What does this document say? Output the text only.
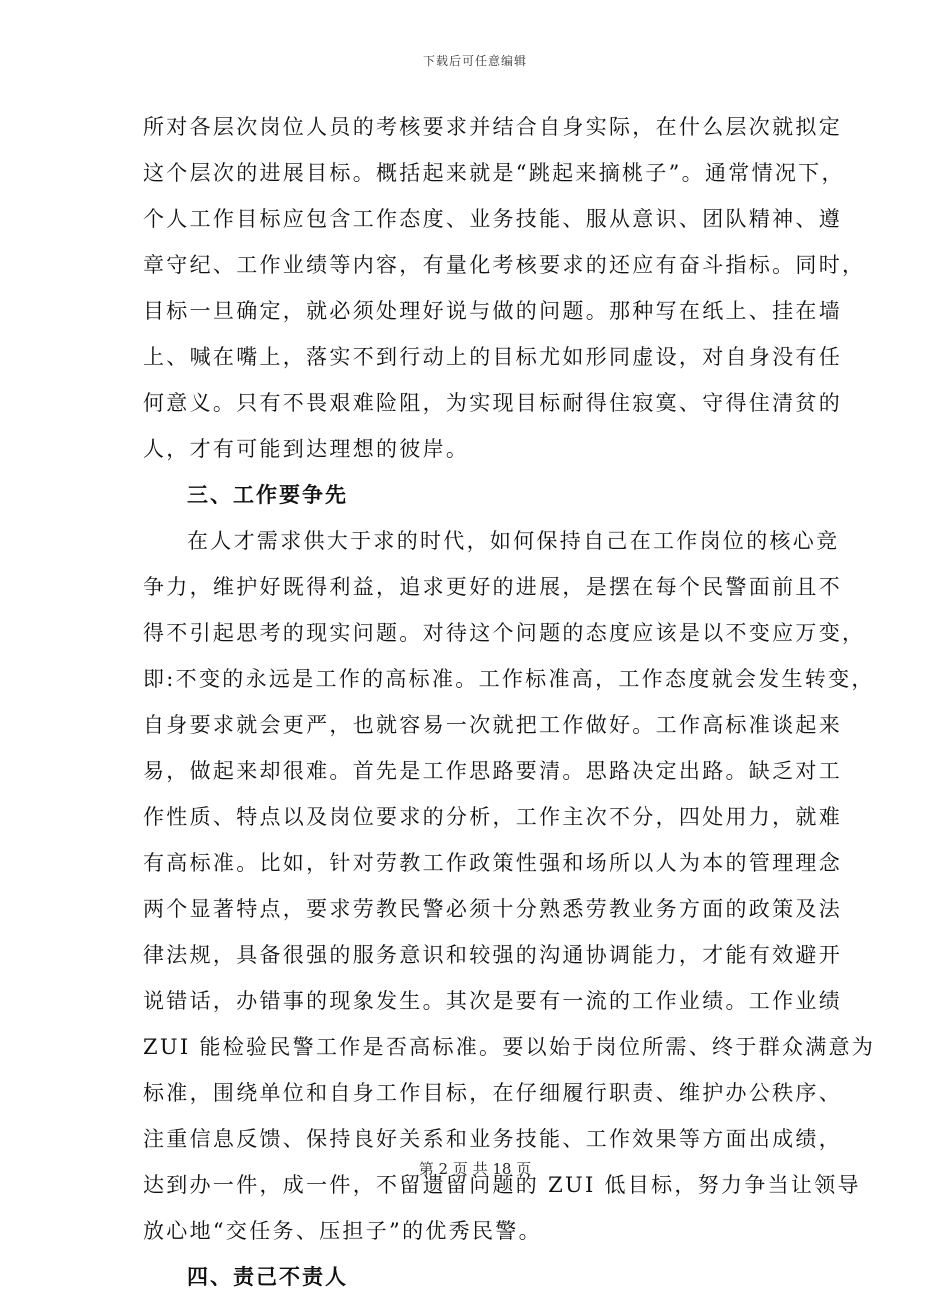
下载后可任意编辑
所对各层次岗位人员的考核要求并结合自身实际，在什么层次就拟定
这个层次的进展目标。概括起来就是“跳起来摘桃子”。通常情况下，
个人工作目标应包含工作态度、业务技能、服从意识、团队精神、遵
章守纪、工作业绩等内容，有量化考核要求的还应有奋斗指标。同时，
目标一旦确定，就必须处理好说与做的问题。那种写在纸上、挂在墙
上、喊在嘴上，落实不到行动上的目标尤如形同虚设，对自身没有任
何意义。只有不畏艰难险阻，为实现目标耐得住寂寞、守得住清贫的
人，才有可能到达理想的彼岸。
三、工作要争先
在人才需求供大于求的时代，如何保持自己在工作岗位的核心竞
争力，维护好既得利益，追求更好的进展，是摆在每个民警面前且不
得不引起思考的现实问题。对待这个问题的态度应该是以不变应万变，
即:不变的永远是工作的高标准。工作标准高，工作态度就会发生转变，
自身要求就会更严，也就容易一次就把工作做好。工作高标准谈起来
易，做起来却很难。首先是工作思路要清。思路决定出路。缺乏对工
作性质、特点以及岗位要求的分析，工作主次不分，四处用力，就难
有高标准。比如，针对劳教工作政策性强和场所以人为本的管理理念
两个显著特点，要求劳教民警必须十分熟悉劳教业务方面的政策及法
律法规，具备很强的服务意识和较强的沟通协调能力，才能有效避开
说错话，办错事的现象发生。其次是要有一流的工作业绩。工作业绩
ZUI 能检验民警工作是否高标准。要以始于岗位所需、终于群众满意为
标准，围绕单位和自身工作目标，在仔细履行职责、维护办公秩序、
注重信息反馈、保持良好关系和业务技能、工作效果等方面出成绩，
达到办一件，成一件，不留遗留问题的 ZUI 低目标，努力争当让领导
放心地“交任务、压担子”的优秀民警。
四、责己不责人
第 2 页 共 18 页
